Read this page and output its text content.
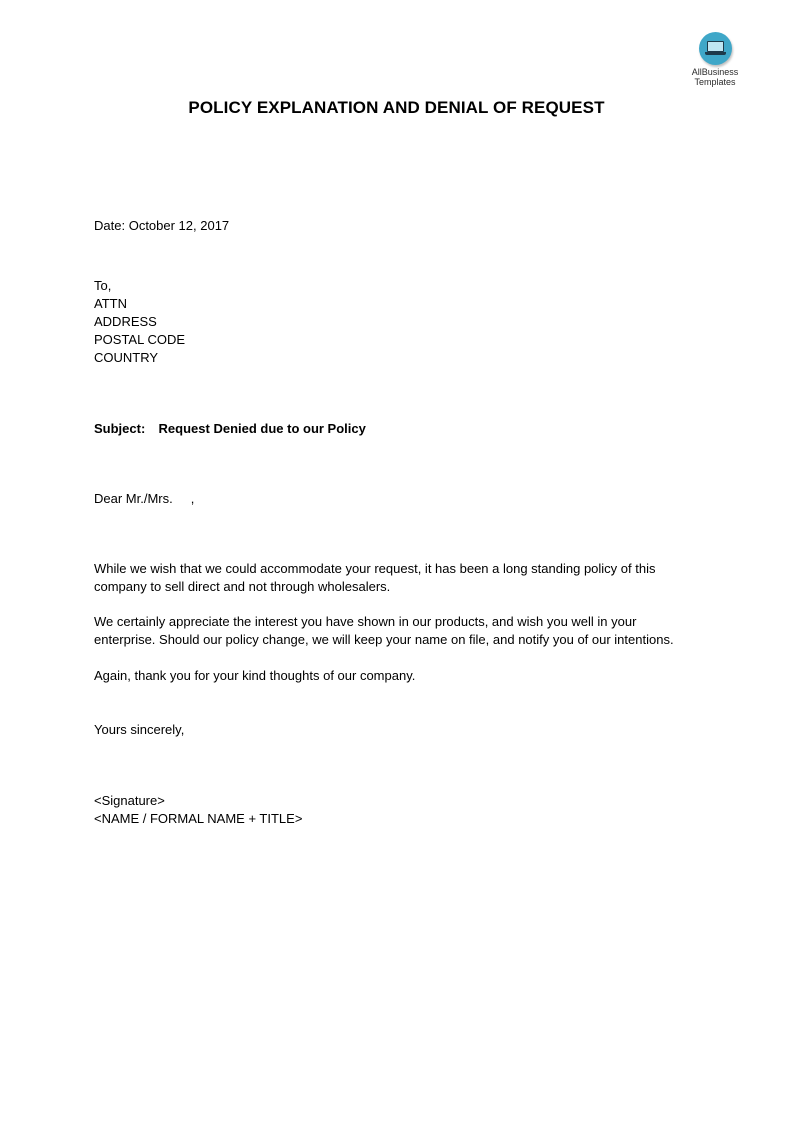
AllBusiness
Templates
POLICY EXPLANATION AND DENIAL OF REQUEST
Date: October 12, 2017
To,
ATTN
ADDRESS
POSTAL CODE
COUNTRY
Subject: Request Denied due to our Policy
Dear Mr./Mrs.     ,
While we wish that we could accommodate your request, it has been a long standing policy of this
company to sell direct and not through wholesalers.
We certainly appreciate the interest you have shown in our products, and wish you well in your
enterprise. Should our policy change, we will keep your name on file, and notify you of our intentions.
Again, thank you for your kind thoughts of our company.
Yours sincerely,
<Signature>
<NAME / FORMAL NAME + TITLE>
